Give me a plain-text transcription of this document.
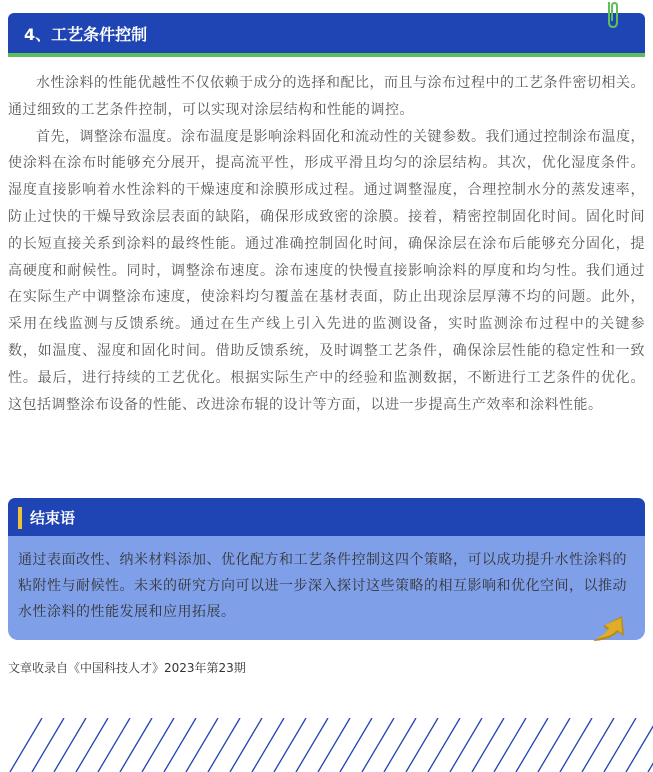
4、工艺条件控制

水性涂料的性能优越性不仅依赖于成分的选择和配比，而且与涂布过程中的工艺条件密切相关。通过细致的工艺条件控制，可以实现对涂层结构和性能的调控。

首先，调整涂布温度。涂布温度是影响涂料固化和流动性的关键参数。我们通过控制涂布温度，使涂料在涂布时能够充分展开，提高流平性，形成平滑且均匀的涂层结构。其次，优化湿度条件。湿度直接影响着水性涂料的干燥速度和涂膜形成过程。通过调整湿度，合理控制水分的蒸发速率，防止过快的干燥导致涂层表面的缺陷，确保形成致密的涂膜。接着，精密控制固化时间。固化时间的长短直接关系到涂料的最终性能。通过准确控制固化时间，确保涂层在涂布后能够充分固化，提高硬度和耐候性。同时，调整涂布速度。涂布速度的快慢直接影响涂料的厚度和均匀性。我们通过在实际生产中调整涂布速度，使涂料均匀覆盖在基材表面，防止出现涂层厚薄不均的问题。此外，采用在线监测与反馈系统。通过在生产线上引入先进的监测设备，实时监测涂布过程中的关键参数，如温度、湿度和固化时间。借助反馈系统，及时调整工艺条件，确保涂层性能的稳定性和一致性。最后，进行持续的工艺优化。根据实际生产中的经验和监测数据，不断进行工艺条件的优化。这包括调整涂布设备的性能、改进涂布辊的设计等方面，以进一步提高生产效率和涂料性能。

结束语
通过表面改性、纳米材料添加、优化配方和工艺条件控制这四个策略，可以成功提升水性涂料的粘附性与耐候性。未来的研究方向可以进一步深入探讨这些策略的相互影响和优化空间，以推动水性涂料的性能发展和应用拓展。
文章收录自《中国科技人才》2023年第23期
